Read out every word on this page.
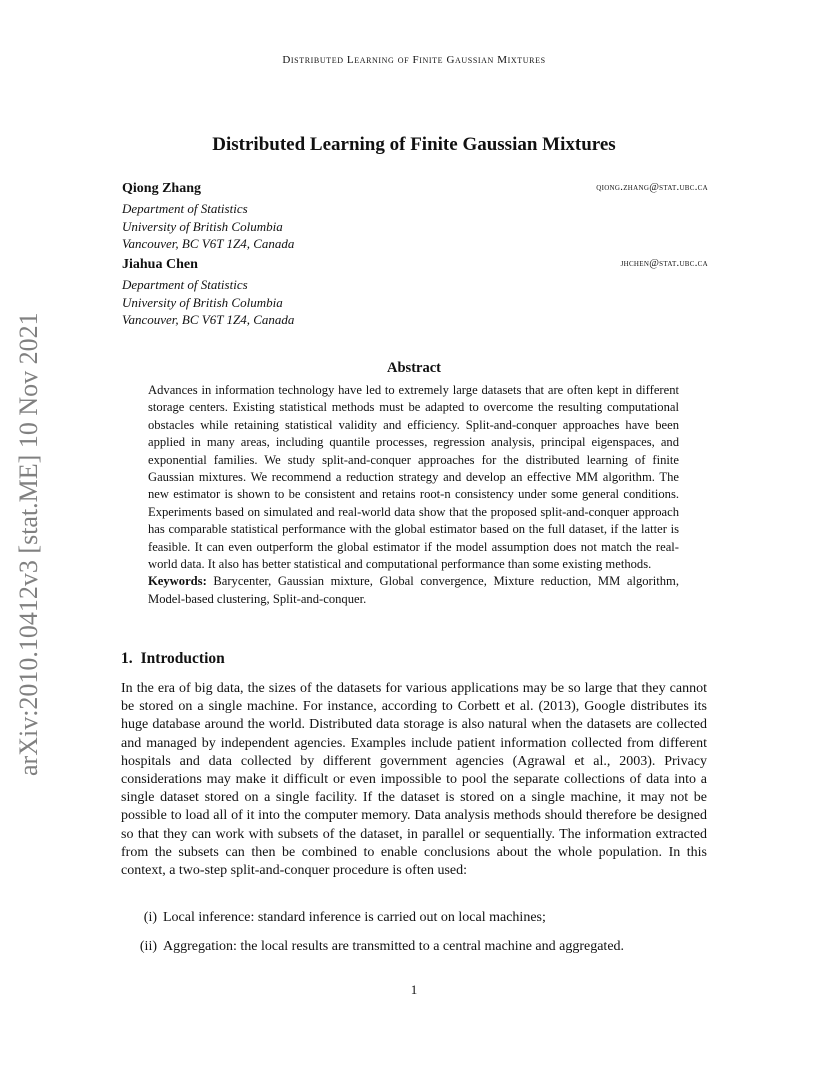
Distributed Learning of Finite Gaussian Mixtures
arXiv:2010.10412v3 [stat.ME] 10 Nov 2021
Distributed Learning of Finite Gaussian Mixtures
Qiong Zhang	qiong.zhang@stat.ubc.ca
Department of Statistics
University of British Columbia
Vancouver, BC V6T 1Z4, Canada
Jiahua Chen	jhchen@stat.ubc.ca
Department of Statistics
University of British Columbia
Vancouver, BC V6T 1Z4, Canada
Abstract

Advances in information technology have led to extremely large datasets that are often kept in different storage centers. Existing statistical methods must be adapted to overcome the resulting computational obstacles while retaining statistical validity and efficiency. Split-and-conquer approaches have been applied in many areas, including quantile processes, regression analysis, principal eigenspaces, and exponential families. We study split-and-conquer approaches for the distributed learning of finite Gaussian mixtures. We recommend a reduction strategy and develop an effective MM algorithm. The new estimator is shown to be consistent and retains root-n consistency under some general conditions. Experiments based on simulated and real-world data show that the proposed split-and-conquer approach has comparable statistical performance with the global estimator based on the full dataset, if the latter is feasible. It can even outperform the global estimator if the model assumption does not match the real-world data. It also has better statistical and computational performance than some existing methods.

Keywords: Barycenter, Gaussian mixture, Global convergence, Mixture reduction, MM algorithm, Model-based clustering, Split-and-conquer.

1. Introduction

In the era of big data, the sizes of the datasets for various applications may be so large that they cannot be stored on a single machine. For instance, according to Corbett et al. (2013), Google distributes its huge database around the world. Distributed data storage is also natural when the datasets are collected and managed by independent agencies. Examples include patient information collected from different hospitals and data collected by different government agencies (Agrawal et al., 2003). Privacy considerations may make it difficult or even impossible to pool the separate collections of data into a single dataset stored on a single facility. If the dataset is stored on a single machine, it may not be possible to load all of it into the computer memory. Data analysis methods should therefore be designed so that they can work with subsets of the dataset, in parallel or sequentially. The information extracted from the subsets can then be combined to enable conclusions about the whole population. In this context, a two-step split-and-conquer procedure is often used:

(i) Local inference: standard inference is carried out on local machines;
(ii) Aggregation: the local results are transmitted to a central machine and aggregated.
1
